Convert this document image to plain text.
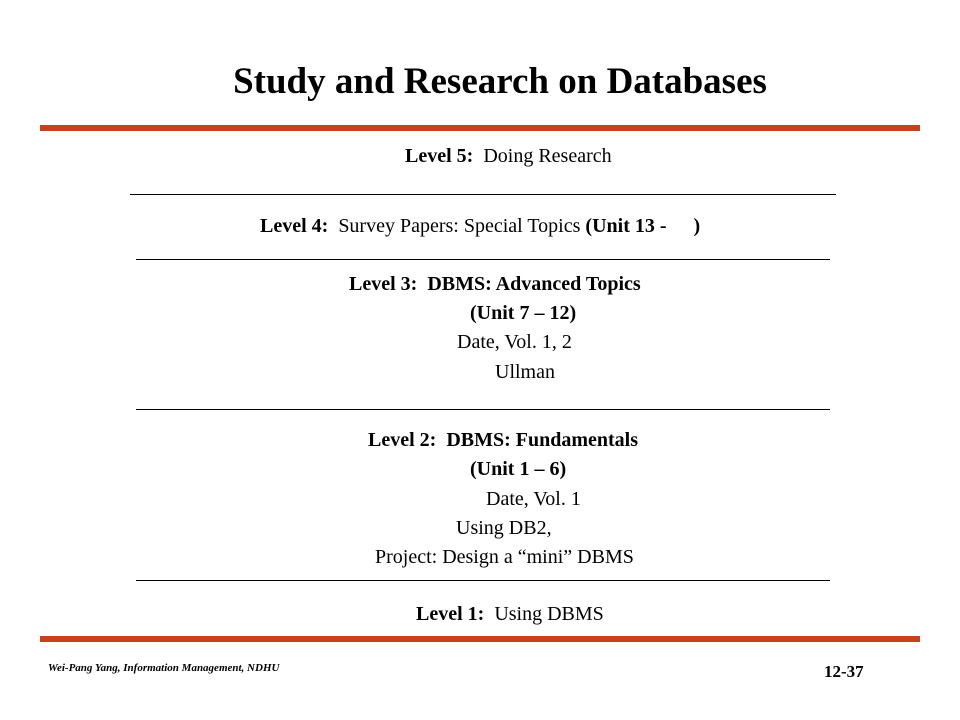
Study and Research on Databases
Level 5: Doing Research
Level 4: Survey Papers: Special Topics (Unit 13 - )
Level 3: DBMS: Advanced Topics
(Unit 7 – 12)
Date, Vol. 1, 2
Ullman
Level 2: DBMS: Fundamentals
(Unit 1 – 6)
Date, Vol. 1
Using DB2,
Project: Design a “mini” DBMS
Level 1: Using DBMS
Wei-Pang Yang, Information Management, NDHU	12-37
